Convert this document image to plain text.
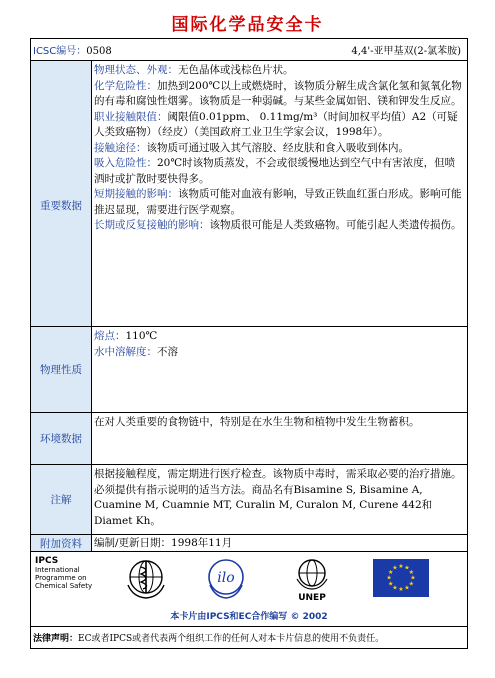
国际化学品安全卡
ICSC编号：0508	4,4'-亚甲基双(2-氯苯胺)
重要数据
物理状态、外观：无色晶体或浅棕色片状。
化学危险性：加热到200℃以上或燃烧时，该物质分解生成含氯化氢和氮氧化物的有毒和腐蚀性烟雾。该物质是一种弱碱。与某些金属如铝、镁和钾发生反应。
职业接触限值：阈限值0.01ppm、 0.11mg/m³（时间加权平均值）A2（可疑人类致癌物）（经皮）（美国政府工业卫生学家会议，1998年）。
接触途径：该物质可通过吸入其气溶胶、经皮肤和食入吸收到体内。
吸入危险性：20℃时该物质蒸发，不会或很缓慢地达到空气中有害浓度，但喷洒时或扩散时要快得多。
短期接触的影响：该物质可能对血液有影响，导致正铁血红蛋白形成。影响可能推迟显现，需要进行医学观察。
长期或反复接触的影响：该物质很可能是人类致癌物。可能引起人类遗传损伤。
物理性质
熔点：110℃
水中溶解度：不溶
环境数据
在对人类重要的食物链中，特别是在水生生物和植物中发生生物蓄积。
注解
根据接触程度，需定期进行医疗检查。该物质中毒时，需采取必要的治疗措施。必须提供有指示说明的适当方法。商品名有Bisamine S, Bisamine A, Cuamine M, Cuamnie MT, Curalin M, Curalon M, Curene 442和 Diamet Kh。
附加资料	编制/更新日期：1998年11月
IPCS
International
Programme on
Chemical Safety	ilo
UNEP
★ ★
★
★
★
★
★
★
★
★
★
★
本卡片由IPCS和EC合作编写 © 2002
法律声明： EC或者IPCS或者代表两个组织工作的任何人对本卡片信息的使用不负责任。
